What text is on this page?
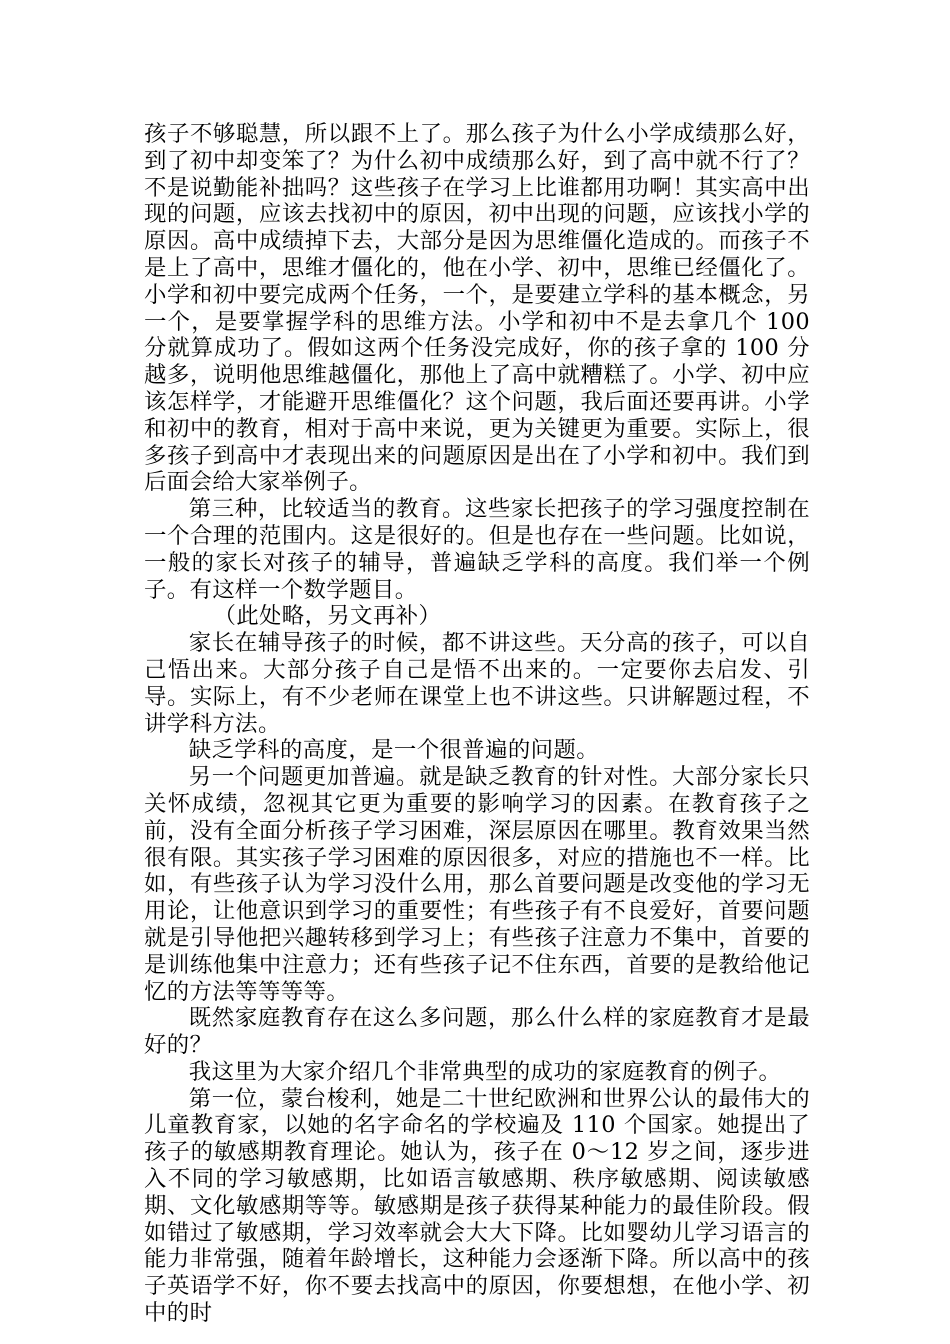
孩子不够聪慧，所以跟不上了。那么孩子为什么小学成绩那么好，到了初中却变笨了？为什么初中成绩那么好，到了高中就不行了？不是说勤能补拙吗？这些孩子在学习上比谁都用功啊！其实高中出现的问题，应该去找初中的原因，初中出现的问题，应该找小学的原因。高中成绩掉下去，大部分是因为思维僵化造成的。而孩子不是上了高中，思维才僵化的，他在小学、初中，思维已经僵化了。小学和初中要完成两个任务，一个，是要建立学科的基本概念，另一个，是要掌握学科的思维方法。小学和初中不是去拿几个 100 分就算成功了。假如这两个任务没完成好，你的孩子拿的 100 分越多，说明他思维越僵化，那他上了高中就糟糕了。小学、初中应该怎样学，才能避开思维僵化？这个问题，我后面还要再讲。小学和初中的教育，相对于高中来说，更为关键更为重要。实际上，很多孩子到高中才表现出来的问题原因是出在了小学和初中。我们到后面会给大家举例子。

第三种，比较适当的教育。这些家长把孩子的学习强度控制在一个合理的范围内。这是很好的。但是也存在一些问题。比如说，一般的家长对孩子的辅导，普遍缺乏学科的高度。我们举一个例子。有这样一个数学题目。

（此处略，另文再补）

家长在辅导孩子的时候，都不讲这些。天分高的孩子，可以自己悟出来。大部分孩子自己是悟不出来的。一定要你去启发、引导。实际上，有不少老师在课堂上也不讲这些。只讲解题过程，不讲学科方法。

缺乏学科的高度，是一个很普遍的问题。

另一个问题更加普遍。就是缺乏教育的针对性。大部分家长只关怀成绩，忽视其它更为重要的影响学习的因素。在教育孩子之前，没有全面分析孩子学习困难，深层原因在哪里。教育效果当然很有限。其实孩子学习困难的原因很多，对应的措施也不一样。比如，有些孩子认为学习没什么用，那么首要问题是改变他的学习无用论，让他意识到学习的重要性；有些孩子有不良爱好，首要问题就是引导他把兴趣转移到学习上；有些孩子注意力不集中，首要的是训练他集中注意力；还有些孩子记不住东西，首要的是教给他记忆的方法等等等等。

既然家庭教育存在这么多问题，那么什么样的家庭教育才是最好的？

我这里为大家介绍几个非常典型的成功的家庭教育的例子。

第一位，蒙台梭利，她是二十世纪欧洲和世界公认的最伟大的儿童教育家，以她的名字命名的学校遍及 110 个国家。她提出了孩子的敏感期教育理论。她认为，孩子在 0～12 岁之间，逐步进入不同的学习敏感期，比如语言敏感期、秩序敏感期、阅读敏感期、文化敏感期等等。敏感期是孩子获得某种能力的最佳阶段。假如错过了敏感期，学习效率就会大大下降。比如婴幼儿学习语言的能力非常强，随着年龄增长，这种能力会逐渐下降。所以高中的孩子英语学不好，你不要去找高中的原因，你要想想，在他小学、初中的时
